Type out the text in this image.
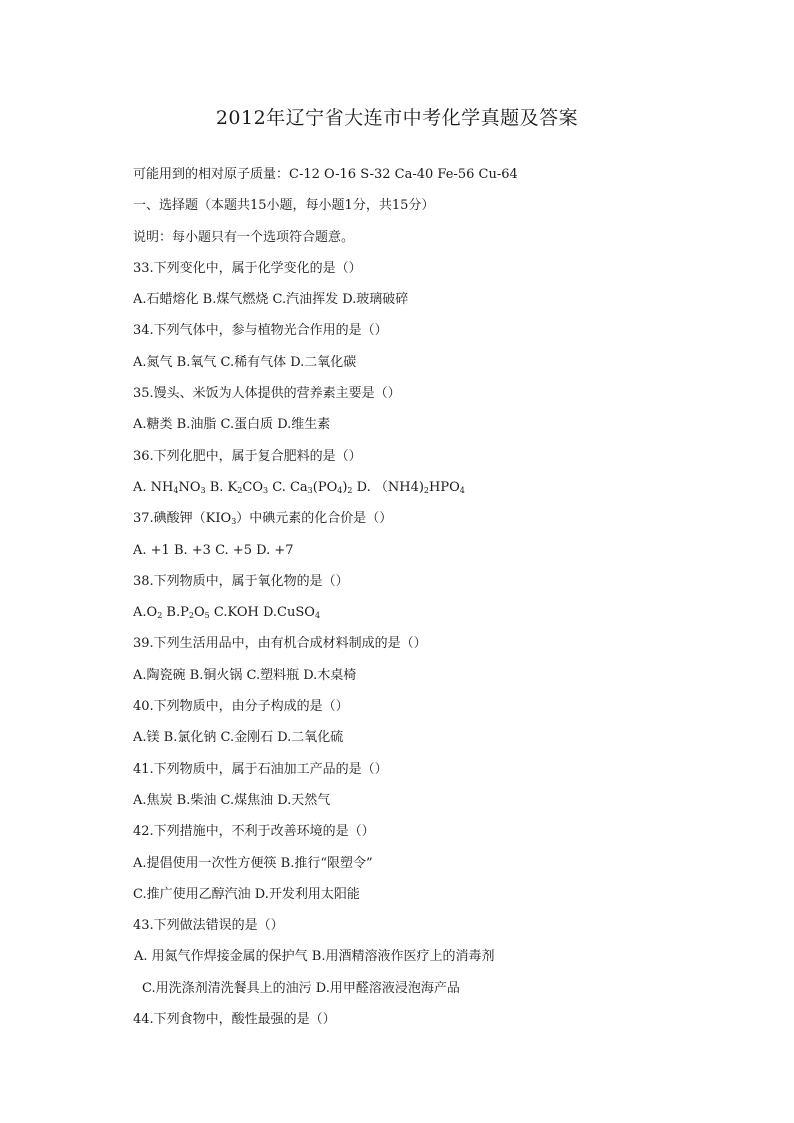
2012年辽宁省大连市中考化学真题及答案
可能用到的相对原子质量：C-12 O-16 S-32 Ca-40 Fe-56 Cu-64
一、选择题（本题共15小题，每小题1分，共15分）
说明：每小题只有一个选项符合题意。
33.下列变化中，属于化学变化的是（）
A.石蜡熔化 B.煤气燃烧 C.汽油挥发 D.玻璃破碎
34.下列气体中，参与植物光合作用的是（）
A.氮气 B.氧气 C.稀有气体 D.二氧化碳
35.馒头、米饭为人体提供的营养素主要是（）
A.糖类 B.油脂 C.蛋白质 D.维生素
36.下列化肥中，属于复合肥料的是（）
A. $NH_4NO_3$ B. $K_2CO_3$ C. $Ca_3(PO_4)_2$ D. $(NH4)_2HPO_4$
37.碘酸钾$(KIO_3)$中碘元素的化合价是（）
A. +1 B. +3 C. +5 D. +7
38.下列物质中，属于氧化物的是（）
$A.O_2$ $B.P_2O_5$ C.KOH D.CuSO$_4$
39.下列生活用品中，由有机合成材料制成的是（）
A.陶瓷碗 B.铜火锅 C.塑料瓶 D.木桌椅
40.下列物质中，由分子构成的是（）
A.镁 B.氯化钠 C.金刚石 D.二氧化硫
41.下列物质中，属于石油加工产品的是（）
A.焦炭 B.柴油 C.煤焦油 D.天然气
42.下列措施中，不利于改善环境的是（）
A.提倡使用一次性方便筷 B.推行“限塑令”
C.推广使用乙醇汽油 D.开发利用太阳能
43.下列做法错误的是（）
A. 用氮气作焊接金属的保护气 B.用酒精溶液作医疗上的消毒剂
C.用洗涤剂清洗餐具上的油污 D.用甲醛溶液浸泡海产品
44.下列食物中，酸性最强的是（）
